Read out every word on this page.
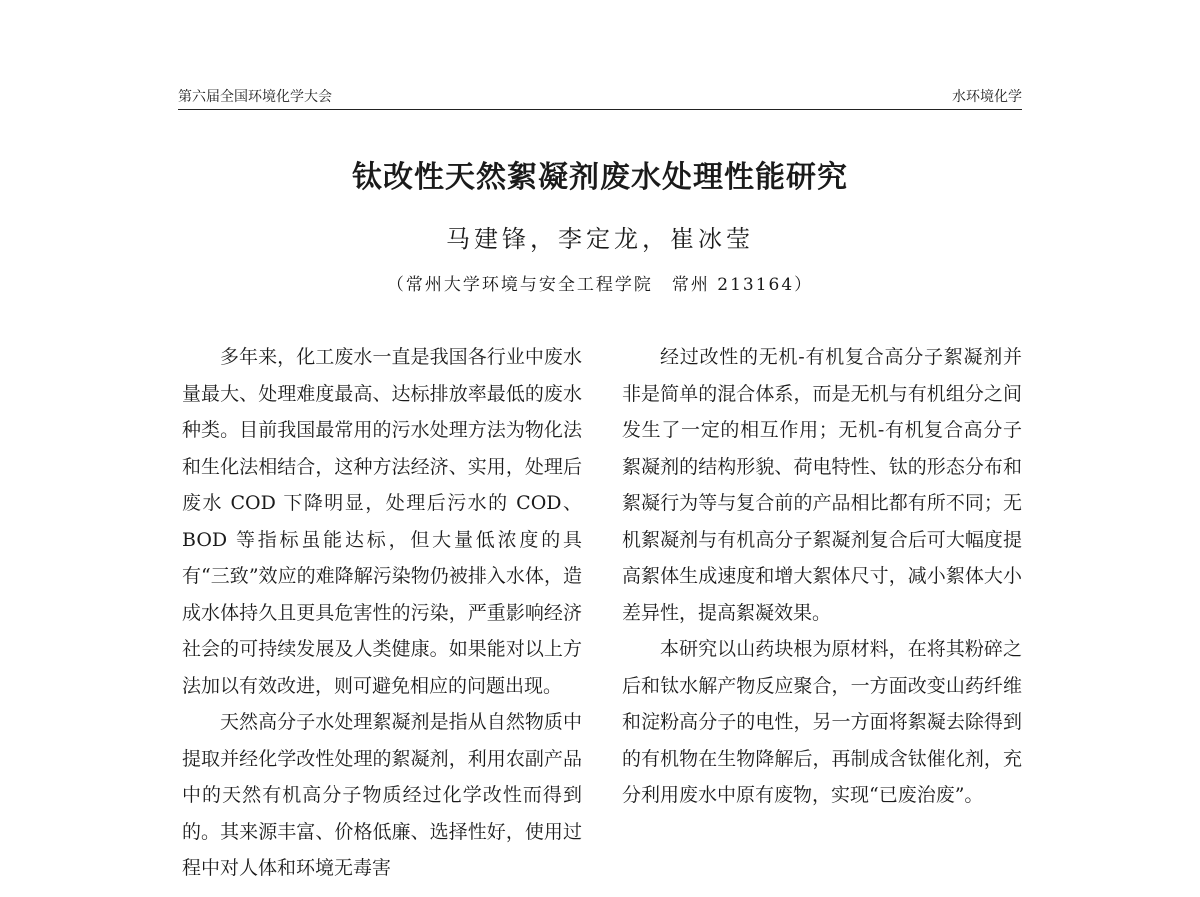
第六届全国环境化学大会	水环境化学
钛改性天然絮凝剂废水处理性能研究
马建锋，李定龙，崔冰莹
（常州大学环境与安全工程学院　常州 213164）

多年来，化工废水一直是我国各行业中废水量最大、处理难度最高、达标排放率最低的废水种类。目前我国最常用的污水处理方法为物化法和生化法相结合，这种方法经济、实用，处理后废水 COD 下降明显，处理后污水的 COD、BOD 等指标虽能达标，但大量低浓度的具有“三致”效应的难降解污染物仍被排入水体，造成水体持久且更具危害性的污染，严重影响经济社会的可持续发展及人类健康。如果能对以上方法加以有效改进，则可避免相应的问题出现。

天然高分子水处理絮凝剂是指从自然物质中提取并经化学改性处理的絮凝剂，利用农副产品中的天然有机高分子物质经过化学改性而得到的。其来源丰富、价格低廉、选择性好，使用过程中对人体和环境无毒害

经过改性的无机-有机复合高分子絮凝剂并非是简单的混合体系，而是无机与有机组分之间发生了一定的相互作用；无机-有机复合高分子絮凝剂的结构形貌、荷电特性、钛的形态分布和絮凝行为等与复合前的产品相比都有所不同；无机絮凝剂与有机高分子絮凝剂复合后可大幅度提高絮体生成速度和增大絮体尺寸，减小絮体大小差异性，提高絮凝效果。

本研究以山药块根为原材料，在将其粉碎之后和钛水解产物反应聚合，一方面改变山药纤维和淀粉高分子的电性，另一方面将絮凝去除得到的有机物在生物降解后，再制成含钛催化剂，充分利用废水中原有废物，实现“已废治废”。
